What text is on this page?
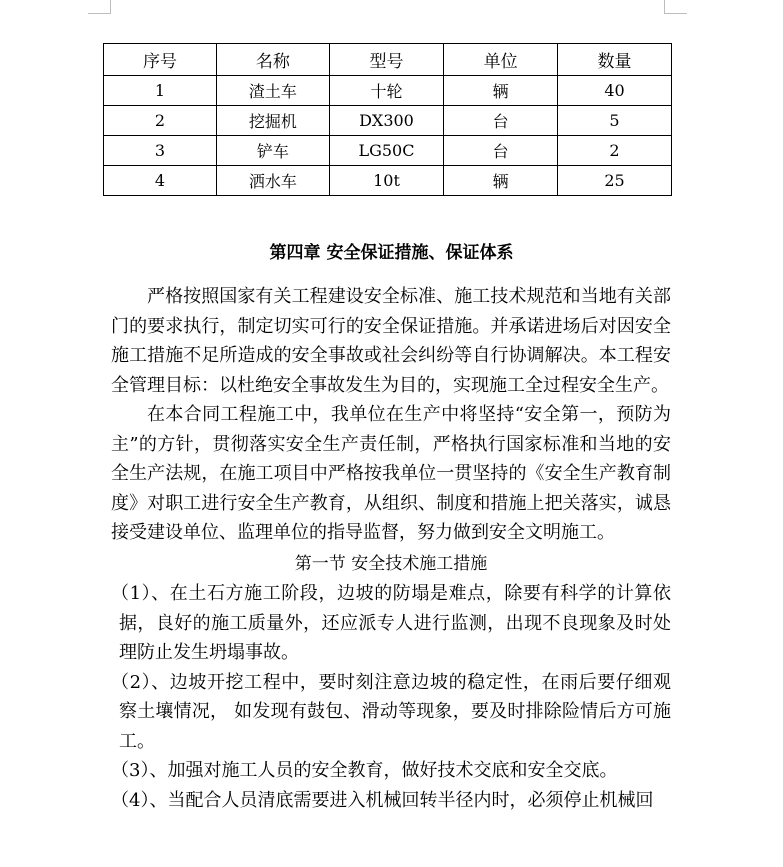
序号	名称	型号	单位	数量
1	渣土车	十轮	辆	40
2	挖掘机	DX300	台	5
3	铲车	LG50C	台	2
4	洒水车	10t	辆	25
第四章 安全保证措施、保证体系

严格按照国家有关工程建设安全标准、施工技术规范和当地有关部门的要求执行，制定切实可行的安全保证措施。并承诺进场后对因安全施工措施不足所造成的安全事故或社会纠纷等自行协调解决。本工程安全管理目标：以杜绝安全事故发生为目的，实现施工全过程安全生产。

在本合同工程施工中，我单位在生产中将坚持“安全第一，预防为主”的方针，贯彻落实安全生产责任制，严格执行国家标准和当地的安全生产法规，在施工项目中严格按我单位一贯坚持的《安全生产教育制度》对职工进行安全生产教育，从组织、制度和措施上把关落实，诚恳接受建设单位、监理单位的指导监督，努力做到安全文明施工。

第一节 安全技术施工措施

（1）、在土石方施工阶段，边坡的防塌是难点，除要有科学的计算依据，良好的施工质量外，还应派专人进行监测，出现不良现象及时处理防止发生坍塌事故。

（2）、边坡开挖工程中，要时刻注意边坡的稳定性，在雨后要仔细观察土壤情况， 如发现有鼓包、滑动等现象，要及时排除险情后方可施工。

（3）、加强对施工人员的安全教育，做好技术交底和安全交底。

（4）、当配合人员清底需要进入机械回转半径内时，必须停止机械回
